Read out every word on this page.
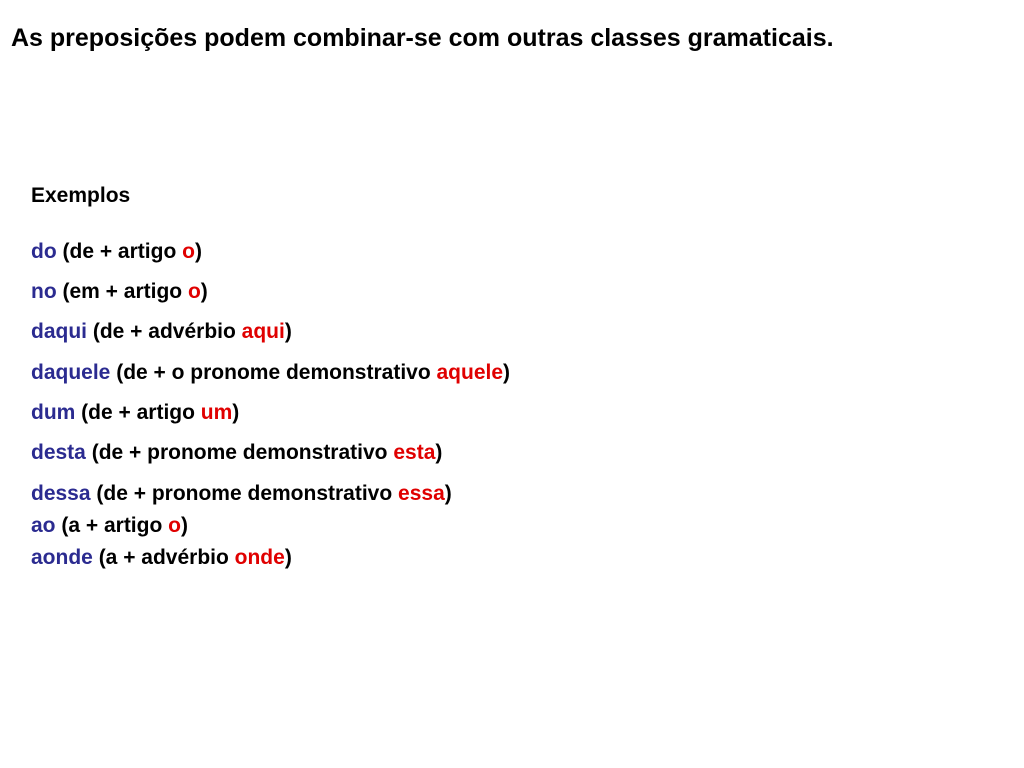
As preposições podem combinar-se com outras classes gramaticais.
Exemplos
do (de + artigo o)
no (em + artigo o)
daqui (de + advérbio aqui)
daquele (de + o pronome demonstrativo aquele)
dum (de + artigo um)
desta (de + pronome demonstrativo esta)
dessa (de + pronome demonstrativo essa)
ao (a + artigo o)
aonde (a + advérbio onde)
